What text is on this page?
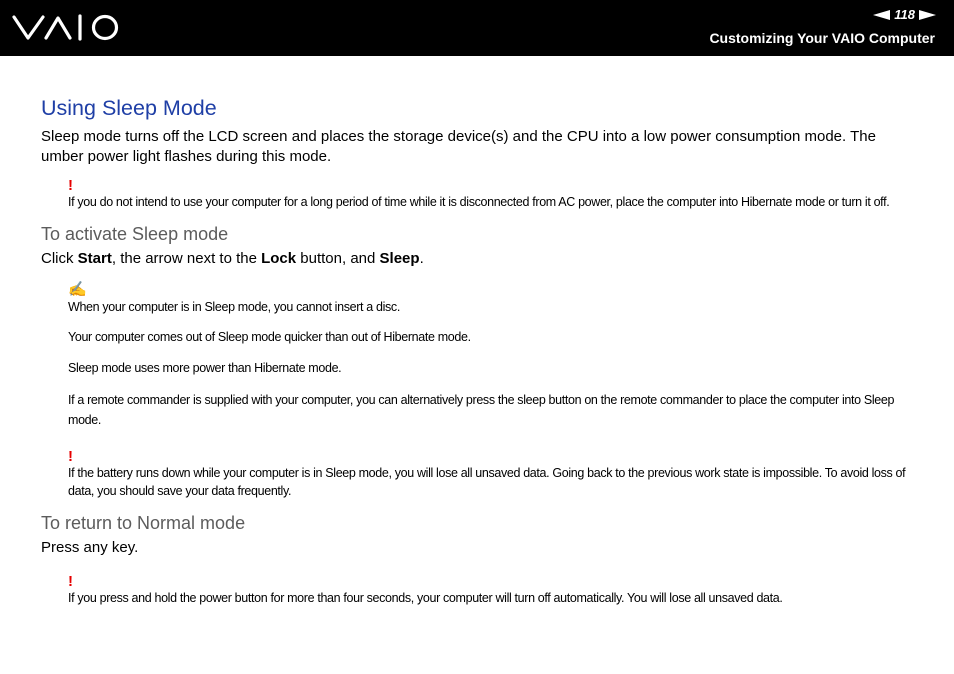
118
Customizing Your VAIO Computer
Using Sleep Mode

Sleep mode turns off the LCD screen and places the storage device(s) and the CPU into a low power consumption mode. The umber power light flashes during this mode.

!
If you do not intend to use your computer for a long period of time while it is disconnected from AC power, place the computer into Hibernate mode or turn it off.
To activate Sleep mode

Click Start, the arrow next to the Lock button, and Sleep.

✍
When your computer is in Sleep mode, you cannot insert a disc.
Your computer comes out of Sleep mode quicker than out of Hibernate mode.
Sleep mode uses more power than Hibernate mode.
If a remote commander is supplied with your computer, you can alternatively press the sleep button on the remote commander to place the computer into Sleep mode.
!
If the battery runs down while your computer is in Sleep mode, you will lose all unsaved data. Going back to the previous work state is impossible. To avoid loss of data, you should save your data frequently.
To return to Normal mode

Press any key.

!
If you press and hold the power button for more than four seconds, your computer will turn off automatically. You will lose all unsaved data.
